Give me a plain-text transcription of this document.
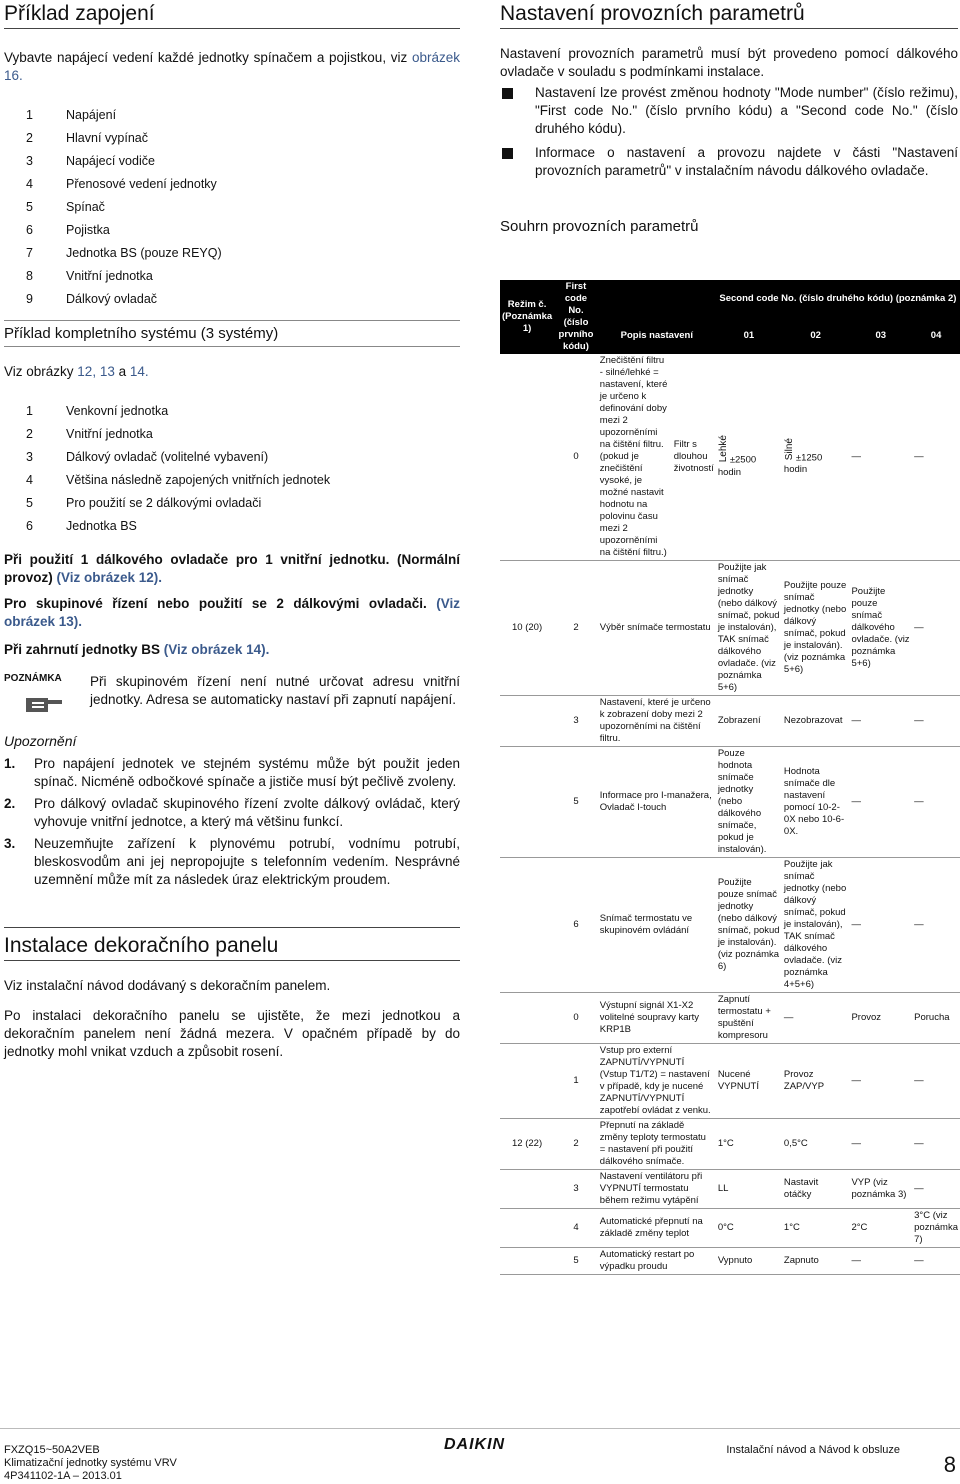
Příklad zapojení

Vybavte napájecí vedení každé jednotky spínačem a pojistkou, viz obrázek 16.

1	Napájení
2	Hlavní vypínač
3	Napájecí vodiče
4	Přenosové vedení jednotky
5	Spínač
6	Pojistka
7	Jednotka BS (pouze REYQ)
8	Vnitřní jednotka
9	Dálkový ovladač
Příklad kompletního systému (3 systémy)

Viz obrázky 12, 13 a 14.

1	Venkovní jednotka
2	Vnitřní jednotka
3	Dálkový ovladač (volitelné vybavení)
4	Většina následně zapojených vnitřních jednotek
5	Pro použití se 2 dálkovými ovladači
6	Jednotka BS

Při použití 1 dálkového ovladače pro 1 vnitřní jednotku. (Normální provoz) (Viz obrázek 12).

Pro skupinové řízení nebo použití se 2 dálkovými ovladači. (Viz obrázek 13).

Při zahrnutí jednotky BS (Viz obrázek 14).

POZNÁMKA	Při skupinovém řízení není nutné určovat adresu vnitřní jednotky. Adresa se automaticky nastaví při zapnutí napájení.

Upozornění

1.	Pro napájení jednotek ve stejném systému může být použit jeden spínač. Nicméně odbočkové spínače a jističe musí být pečlivě zvoleny.

2.	Pro dálkový ovladač skupinového řízení zvolte dálkový ovládač, který vyhovuje vnitřní jednotce, a který má většinu funkcí.

3.	Neuzemňujte zařízení k plynovému potrubí, vodnímu potrubí, bleskosvodům ani jej nepropojujte s telefonním vedením. Nesprávné uzemnění může mít za následek úraz elektrickým proudem.

Instalace dekoračního panelu

Viz instalační návod dodávaný s dekoračním panelem.

Po instalaci dekoračního panelu se ujistěte, že mezi jednotkou a dekoračním panelem není žádná mezera. V opačném případě by do jednotky mohl vnikat vzduch a způsobit rosení.

Nastavení provozních parametrů

Nastavení provozních parametrů musí být provedeno pomocí dálkového ovladače v souladu s podmínkami instalace.

Nastavení lze provést změnou hodnoty "Mode number" (číslo režimu), "First code No." (číslo prvního kódu) a "Second code No." (číslo druhého kódu).

Informace o nastavení a provozu najdete v části "Nastavení provozních parametrů" v instalačním návodu dálkového ovladače.

Souhrn provozních parametrů
Režim č. (Poznámka 1)	First code No. (číslo prvního kódu)			Second code No. (číslo druhého kódu) (poznámka 2)			
		Popis nastavení		01	02	03	04
	0	Znečištění filtru - silné/lehké = nastavení, které je určeno k definování doby mezi 2 upozorněními na čištění filtru. (pokud je znečištění vysoké, je možné nastavit hodnotu na polovinu času mezi 2 upozorněními na čištění filtru.)	Filtr s dlouhou životností	Lehké±2500 hodin	Silné±1250 hodin	—	—
10 (20)	2	Výběr snímače termostatu		Použijte jak snímač jednotky (nebo dálkový snímač, pokud je instalován), TAK snímač dálkového ovladače. (viz poznámka 5+6)	Použijte pouze snímač jednotky (nebo dálkový snímač, pokud je instalován). (viz poznámka 5+6)	Použijte pouze snímač dálkového ovladače. (viz poznámka 5+6)	—
	3	Nastavení, které je určeno k zobrazení doby mezi 2 upozorněními na čištění filtru.		Zobrazení	Nezobrazovat	—	—
	5	Informace pro I-manažera, Ovladač I-touch		Pouze hodnota snímače jednotky (nebo dálkového snímače, pokud je instalován).	Hodnota snímače dle nastavení pomocí 10-2-0X nebo 10-6-0X.	—	—
	6	Snímač termostatu ve skupinovém ovládání		Použijte pouze snímač jednotky (nebo dálkový snímač, pokud je instalován). (viz poznámka 6)	Použijte jak snímač jednotky (nebo dálkový snímač, pokud je instalován), TAK snímač dálkového ovladače. (viz poznámka 4+5+6)	—	—
	0	Výstupní signál X1-X2 volitelné soupravy karty KRP1B		Zapnutí termostatu + spuštění kompresoru	—	Provoz	Porucha
	1	Vstup pro externí ZAPNUTÍ/VYPNUTÍ (Vstup T1/T2) = nastavení v případě, kdy je nucené ZAPNUTÍ/VYPNUTÍ zapotřebí ovládat z venku.		Nucené VYPNUTÍ	Provoz ZAP/VYP	—	—
12 (22)	2	Přepnutí na základě změny teploty termostatu = nastavení při použití dálkového snímače.		1°C	0,5°C	—	—
	3	Nastavení ventilátoru při VYPNUTÍ termostatu během režimu vytápění		LL	Nastavit otáčky	VYP (viz poznámka 3)	—
	4	Automatické přepnutí na základě změny teplot		0°C	1°C	2°C	3°C (viz poznámka 7)
	5	Automatický restart po výpadku proudu		Vypnuto	Zapnuto	—	—
FXZQ15~50A2VEB
Klimatizační jednotky systému VRV
4P341102-1A – 2013.01
DAIKIN	Instalační návod a Návod k obsluze
8
